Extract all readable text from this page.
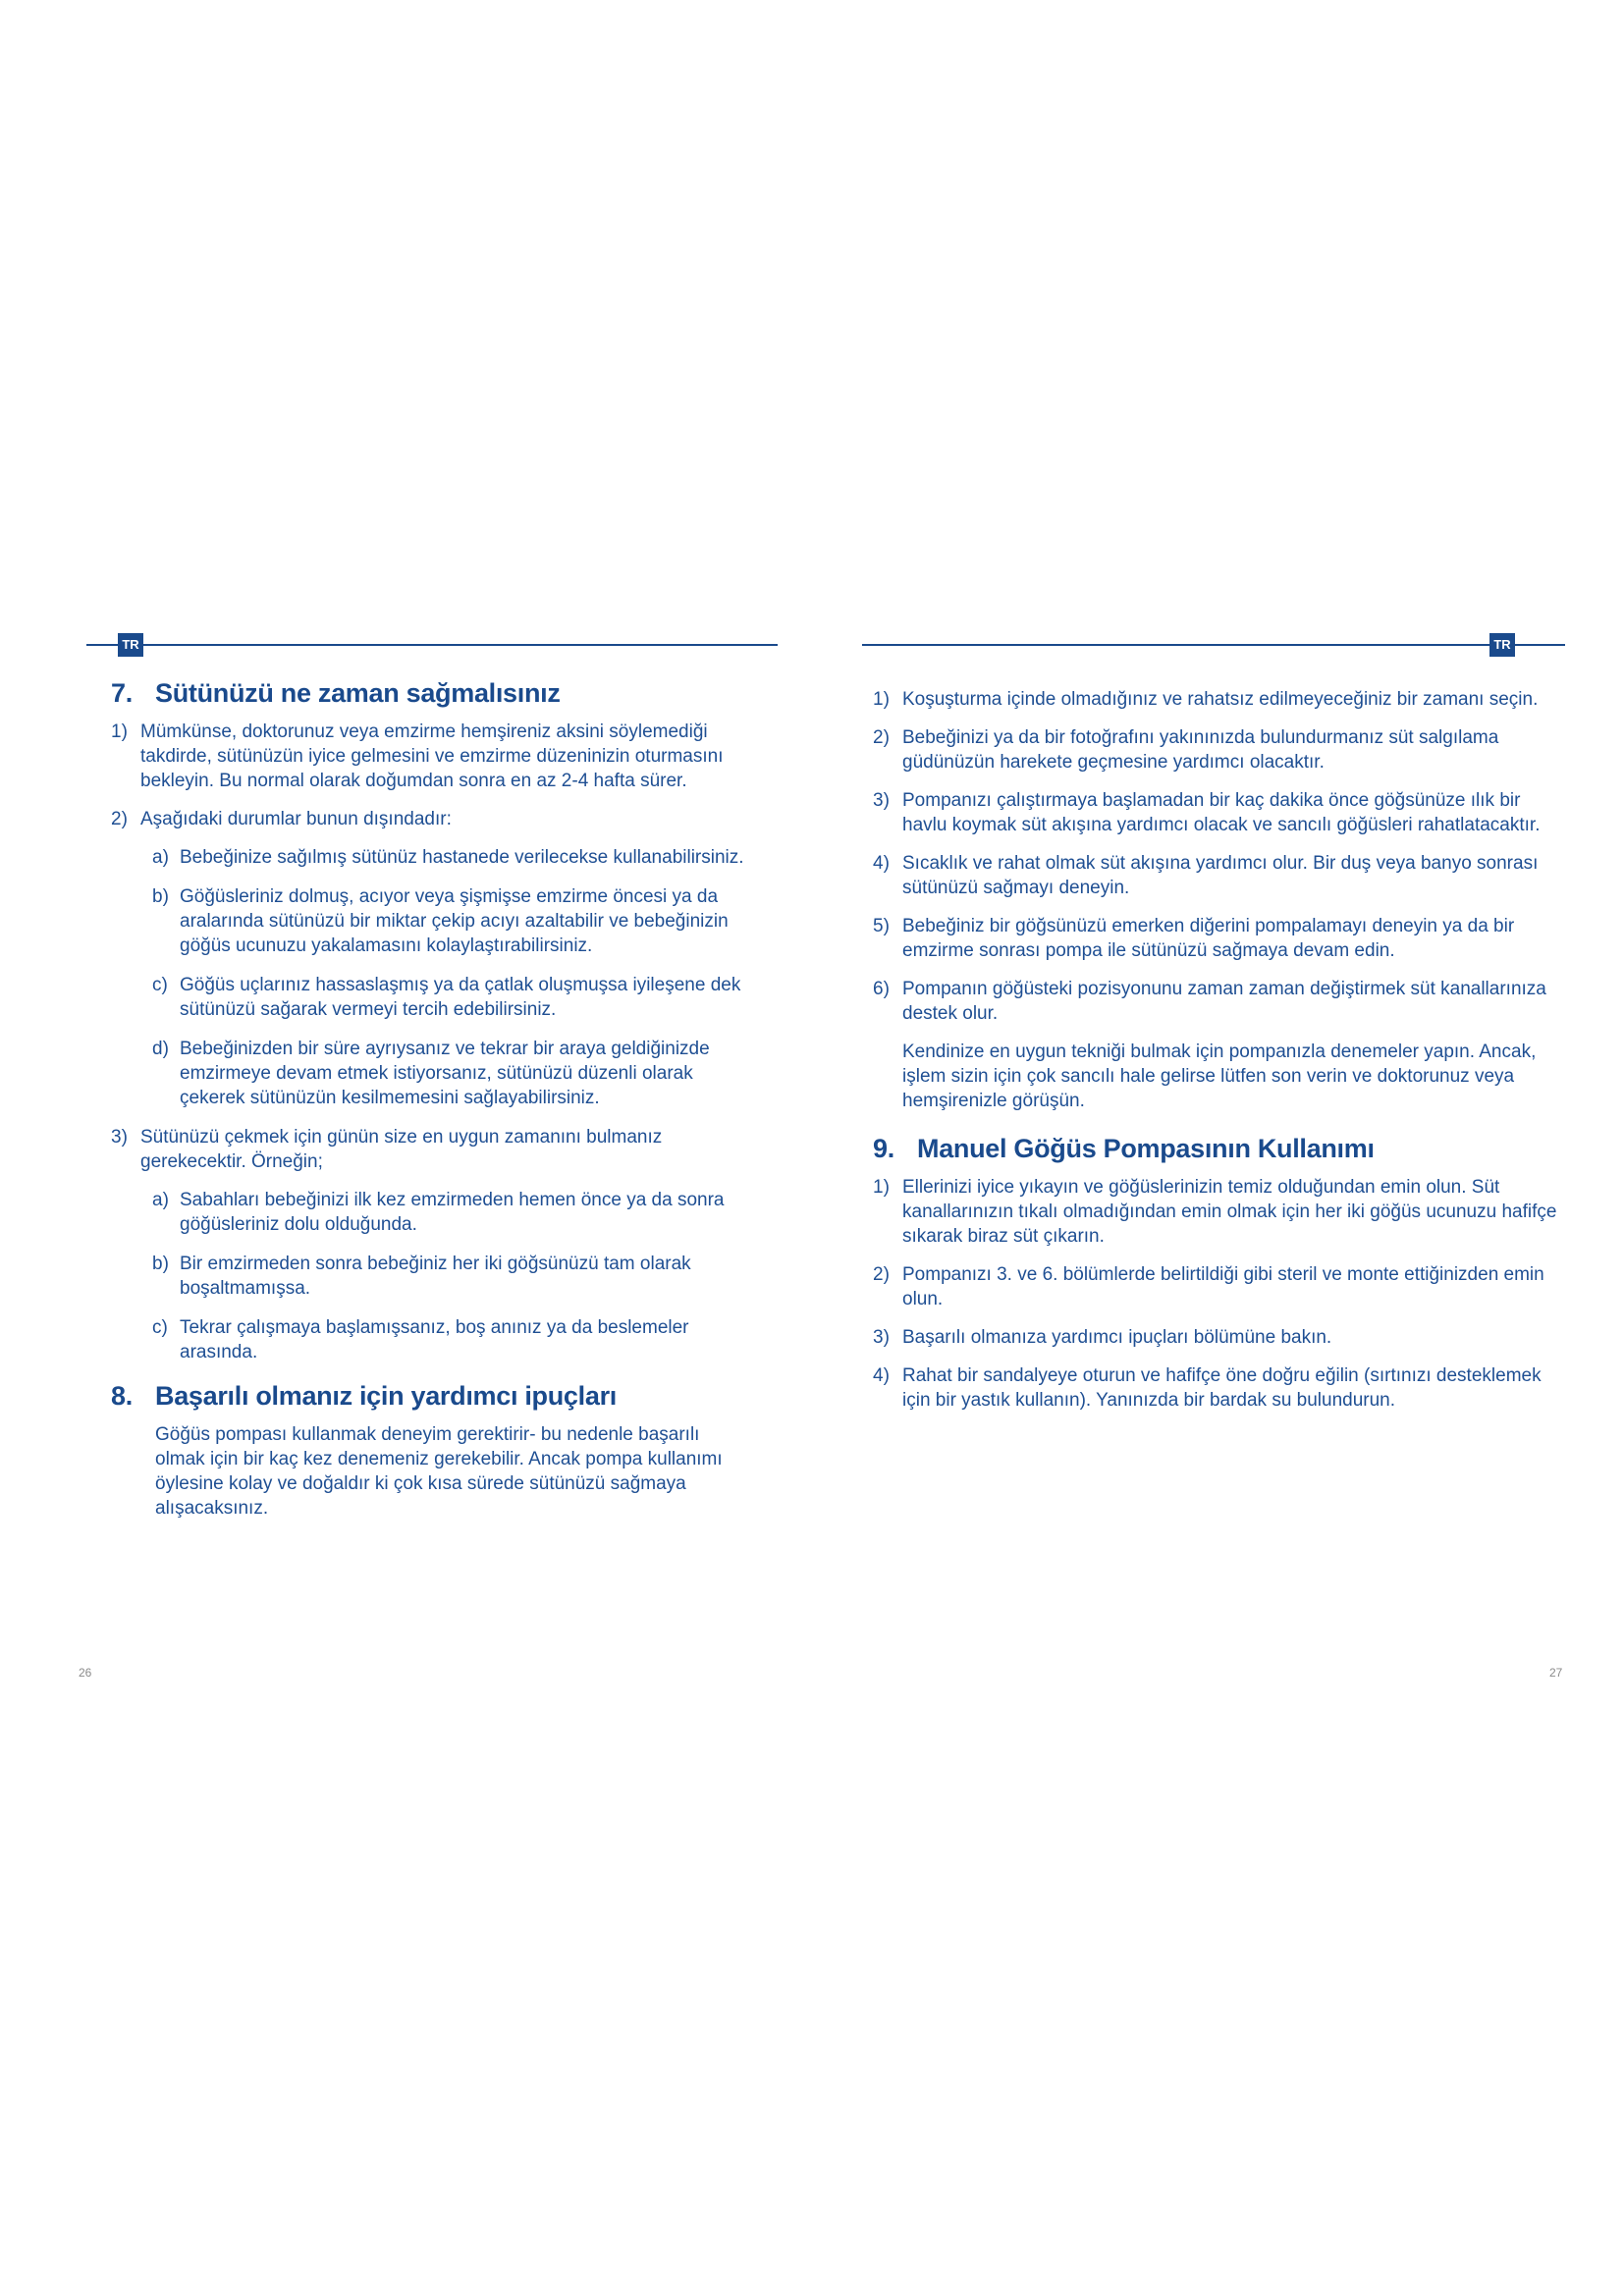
TR
7. Sütünüzü ne zaman sağmalısınız
1) Mümkünse, doktorunuz veya emzirme hemşireniz aksini söylemediği takdirde, sütünüzün iyice gelmesini ve emzirme düzeninizin oturmasını bekleyin. Bu normal olarak doğumdan sonra en az 2-4 hafta sürer.
2) Aşağıdaki durumlar bunun dışındadır:
a) Bebeğinize sağılmış sütünüz hastanede verilecekse kullanabilirsiniz.
b) Göğüsleriniz dolmuş, acıyor veya şişmişse emzirme öncesi ya da aralarında sütünüzü bir miktar çekip acıyı azaltabilir ve bebeğinizin göğüs ucunuzu yakalamasını kolaylaştırabilirsiniz.
c) Göğüs uçlarınız hassaslaşmış ya da çatlak oluşmuşsa iyileşene dek sütünüzü sağarak vermeyi tercih edebilirsiniz.
d) Bebeğinizden bir süre ayrıysanız ve tekrar bir araya geldiğinizde emzirmeye devam etmek istiyorsanız, sütünüzü düzenli olarak çekerek sütünüzün kesilmemesini sağlayabilirsiniz.
3) Sütünüzü çekmek için günün size en uygun zamanını bulmanız gerekecektir. Örneğin;
a) Sabahları bebeğinizi ilk kez emzirmeden hemen önce ya da sonra göğüsleriniz dolu olduğunda.
b) Bir emzirmeden sonra bebeğiniz her iki göğsünüzü tam olarak boşaltmamışsa.
c) Tekrar çalışmaya başlamışsanız, boş anınız ya da beslemeler arasında.
8. Başarılı olmanız için yardımcı ipuçları

Göğüs pompası kullanmak deneyim gerektirir- bu nedenle başarılı olmak için bir kaç kez denemeniz gerekebilir. Ancak pompa kullanımı öylesine kolay ve doğaldır ki çok kısa sürede sütünüzü sağmaya alışacaksınız.

26
TR
1) Koşuşturma içinde olmadığınız ve rahatsız edilmeyeceğiniz bir zamanı seçin.
2) Bebeğinizi ya da bir fotoğrafını yakınınızda bulundurmanız süt salgılama güdünüzün harekete geçmesine yardımcı olacaktır.
3) Pompanızı çalıştırmaya başlamadan bir kaç dakika önce göğsünüze ılık bir havlu koymak süt akışına yardımcı olacak ve sancılı göğüsleri rahatlatacaktır.
4) Sıcaklık ve rahat olmak süt akışına yardımcı olur. Bir duş veya banyo sonrası sütünüzü sağmayı deneyin.
5) Bebeğiniz bir göğsünüzü emerken diğerini pompalamayı deneyin ya da bir emzirme sonrası pompa ile sütünüzü sağmaya devam edin.
6) Pompanın göğüsteki pozisyonunu zaman zaman değiştirmek süt kanallarınıza destek olur.
Kendinize en uygun tekniği bulmak için pompanızla denemeler yapın. Ancak, işlem sizin için çok sancılı hale gelirse lütfen son verin ve doktorunuz veya hemşirenizle görüşün.
9. Manuel Göğüs Pompasının Kullanımı
1) Ellerinizi iyice yıkayın ve göğüslerinizin temiz olduğundan emin olun. Süt kanallarınızın tıkalı olmadığından emin olmak için her iki göğüs ucunuzu hafifçe sıkarak biraz süt çıkarın.
2) Pompanızı 3. ve 6. bölümlerde belirtildiği gibi steril ve monte ettiğinizden emin olun.
3) Başarılı olmanıza yardımcı ipuçları bölümüne bakın.
4) Rahat bir sandalyeye oturun ve hafifçe öne doğru eğilin (sırtınızı desteklemek için bir yastık kullanın). Yanınızda bir bardak su bulundurun.
27
